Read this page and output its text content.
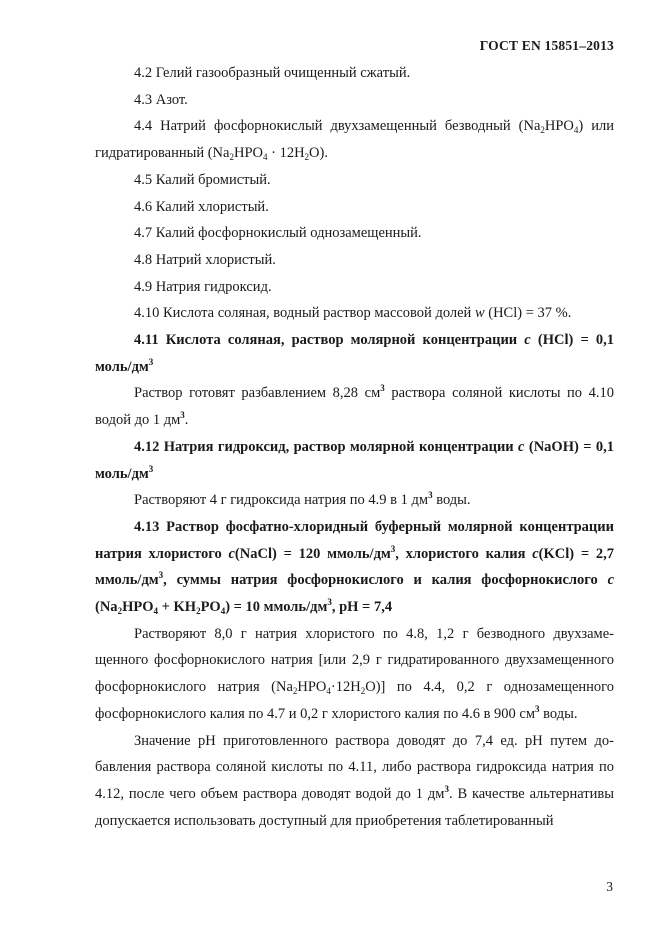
ГОСТ EN 15851–2013

4.2 Гелий газообразный очищенный сжатый.

4.3 Азот.

4.4 Натрий фосфорнокислый двухзамещенный безводный $(Na_2HPO_4)$ или гидратированный $(Na_2HPO_4 \cdot 12H_2O)$.

4.5 Калий бромистый.

4.6 Калий хлористый.

4.7 Калий фосфорнокислый однозамещенный.

4.8 Натрий хлористый.

4.9 Натрия гидроксид.

4.10 Кислота соляная, водный раствор массовой долей w (HCl) = 37 %.

4.11 Кислота соляная, раствор молярной концентрации c (HCl) = 0,1 моль/$дм^3$

Раствор готовят разбавлением 8,28 $см^3$ раствора соляной кислоты по 4.10 водой до 1 $дм^3$.

4.12 Натрия гидроксид, раствор молярной концентрации c (NaOH) = 0,1 моль/$дм^3$

Растворяют 4 г гидроксида натрия по 4.9 в 1 $дм^3$ воды.

4.13 Раствор фосфатно-хлоридный буферный молярной концентрации натрия хлористого c(NaCl) = 120 ммоль/$дм^3$, хлористого калия c(KCl) = 2,7 ммоль/$дм^3$, суммы натрия фосфорнокислого и калия фосфорнокислого c $(Na_2HPO_4 + KH_2PO_4) = 10$ ммоль/$дм^3$, pH = 7,4

Растворяют 8,0 г натрия хлористого по 4.8, 1,2 г безводного двухзамещенного фосфорнокислого натрия [или 2,9 г гидратированного двухзамещенного фосфорнокислого натрия $(Na_2HPO_4\cdot 12H_2O)$] по 4.4, 0,2 г однозамещенного фосфорнокислого калия по 4.7 и 0,2 г хлористого калия по 4.6 в 900 $см^3$ воды.

Значение pH приготовленного раствора доводят до 7,4 ед. pH путем добавления раствора соляной кислоты по 4.11, либо раствора гидроксида натрия по 4.12, после чего объем раствора доводят водой до 1 $дм^3$. В качестве альтернативы допускается использовать доступный для приобретения таблетированный

3
